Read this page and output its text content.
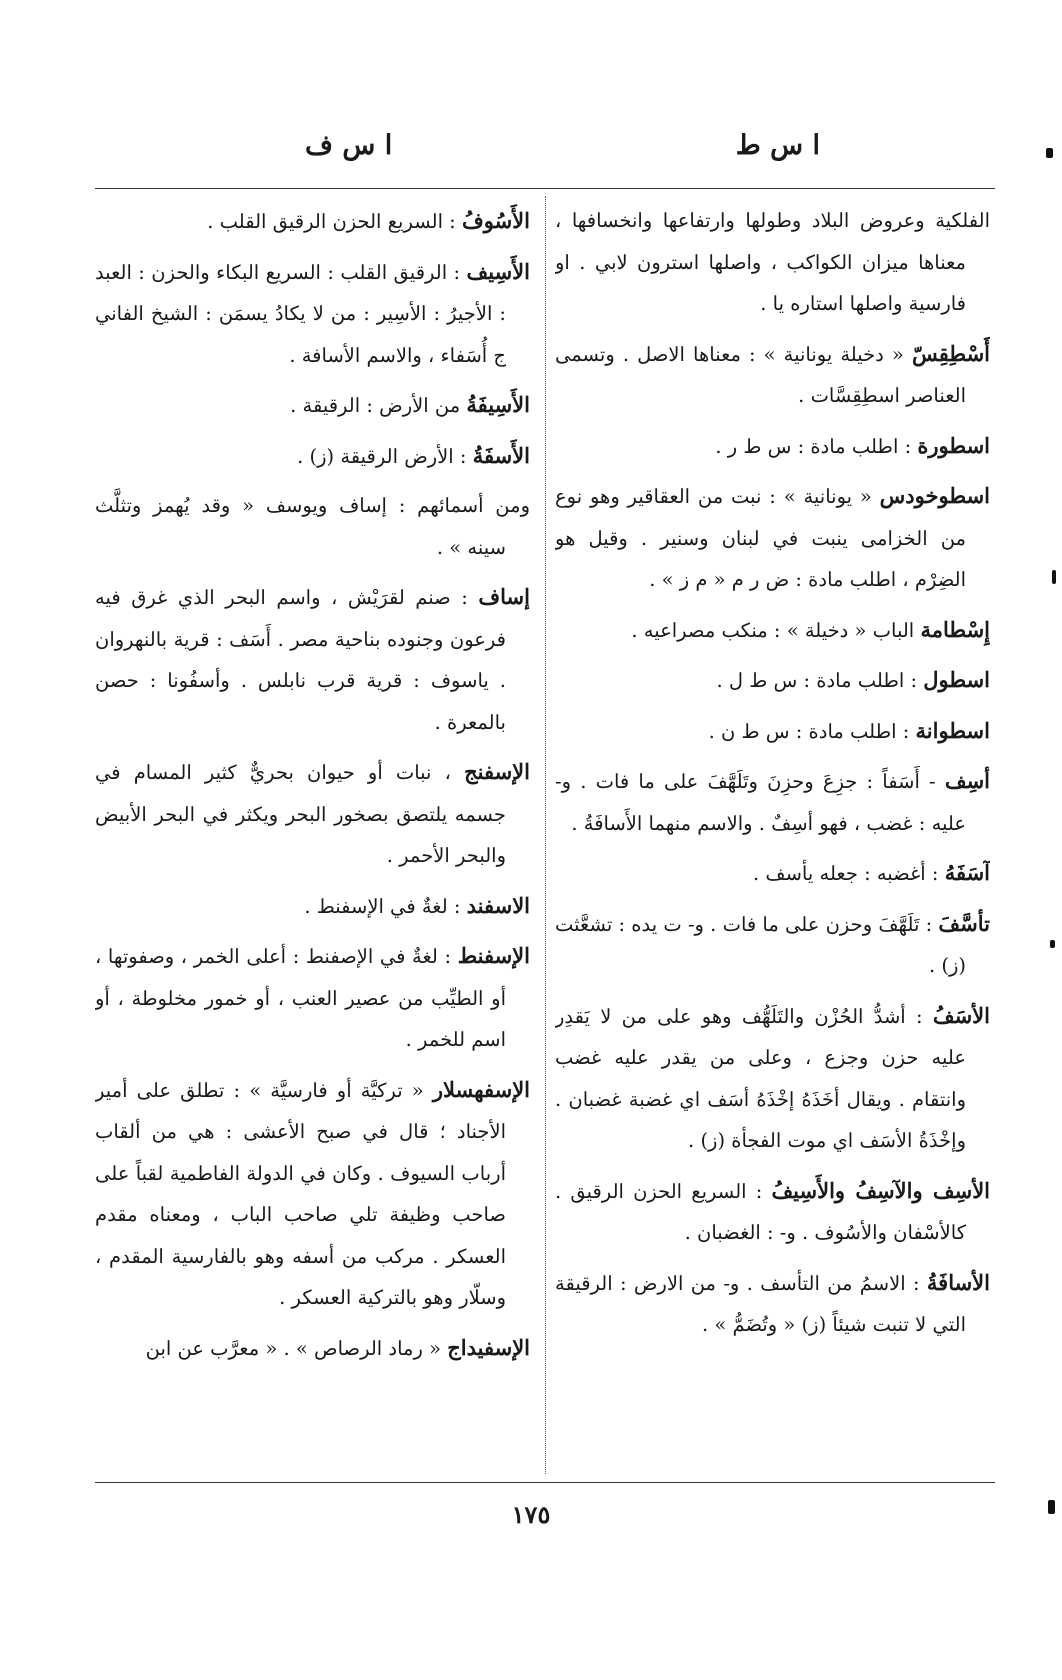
ا س ط
ا س ف

الفلكية وعروض البلاد وطولها وارتفاعها وانخسافها ، معناها ميزان الكواكب ، واصلها استرون لابي . او فارسية واصلها استاره يا .

أَسْطِقِسّ « دخيلة يونانية » : معناها الاصل . وتسمى العناصر اسطِقِسَّات .

اسطورة : اطلب مادة : س ط ر .

اسطوخودس « يونانية » : نبت من العقاقير وهو نوع من الخزامى ينبت في لبنان وسنير . وقيل هو الضِرْم ، اطلب مادة : ض ر م « م ز » .

إِسْطامة الباب « دخيلة » : منكب مصراعيه .

اسطول : اطلب مادة : س ط ل .

اسطوانة : اطلب مادة : س ط ن .

أسِف - أَسَفاً : جزِعَ وحزِنَ وتَلَهَّفَ على ما فات . و- عليه : غضب ، فهو أسِفٌ . والاسم منهما الأَسافَةُ .

آسَفَهُ : أغضبه : جعله يأسف .

تأسَّفَ : تَلَهَّفَ وحزن على ما فات . و- ت يده : تشعَّثت (ز) .

الأسَفُ : أشدُّ الحُزْن والتَلَهُّف وهو على من لا يَقدِر عليه حزن وجزع ، وعلى من يقدر عليه غضب وانتقام . ويقال أخَذَهُ إخْذَهُ أسَف اي غضبة غضبان . وإخْذَةُ الأسَف اي موت الفجأة (ز) .

الأسِف والآسِفُ والأَسِيفُ : السريع الحزن الرقيق . كالأسْفان والأسُوف . و- : الغضبان .

الأسافَةُ : الاسمُ من التأسف . و- من الارض : الرقيقة التي لا تنبت شيئاً (ز) « وتُضَمُّ » .

الأَسُوفُ : السريع الحزن الرقيق القلب .

الأَسِيف : الرقيق القلب : السريع البكاء والحزن : العبد : الأجيرُ : الأسِير : من لا يكادُ يسمَن : الشيخ الفاني ج أُسَفاء ، والاسم الأسافة .

الأَسِيفَةُ من الأرض : الرقيقة .

الأَسفَةُ : الأرض الرقيقة (ز) .

ومن أسمائهم : إساف ويوسف « وقد يُهمز وتثلَّث سينه » .

إساف : صنم لقرَيْش ، واسم البحر الذي غرق فيه فرعون وجنوده بناحية مصر . أَسَف : قرية بالنهروان . ياسوف : قرية قرب نابلس . وأسفُونا : حصن بالمعرة .

الإسفنج ، نبات أو حيوان بحريٌّ كثير المسام في جسمه يلتصق بصخور البحر ويكثر في البحر الأبيض والبحر الأحمر .

الاسفند : لغةٌ في الإسفنط .

الإسفنط : لغةٌ في الإصفنط : أعلى الخمر ، وصفوتها ، أو الطيِّب من عصير العنب ، أو خمور مخلوطة ، أو اسم للخمر .

الإسفهسلار « تركيَّة أو فارسيَّة » : تطلق على أمير الأجناد ؛ قال في صبح الأعشى : هي من ألقاب أرباب السيوف . وكان في الدولة الفاطمية لقباً على صاحب وظيفة تلي صاحب الباب ، ومعناه مقدم العسكر . مركب من أسفه وهو بالفارسية المقدم ، وسلّار وهو بالتركية العسكر .

الإسفيداج « رماد الرصاص » . « معرَّب عن ابن

١٧٥
